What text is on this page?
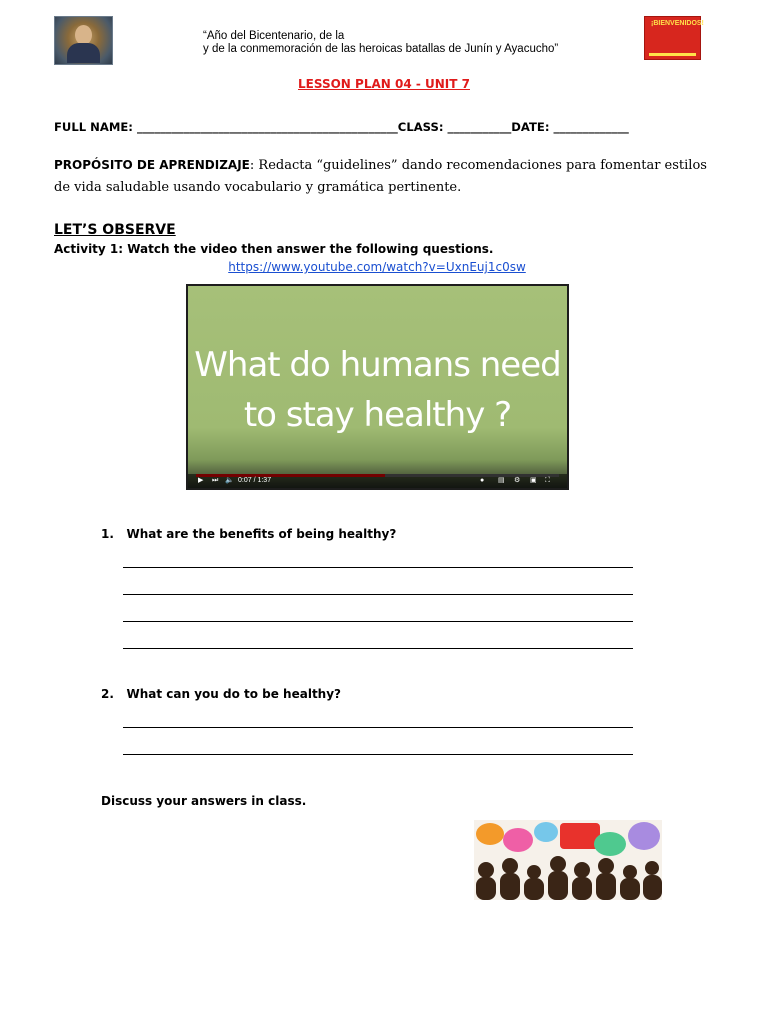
“Año del Bicentenario, de la
y de la conmemoración de las heroicas batallas de Junín y Ayacucho”
¡BIENVENIDOS!
LESSON PLAN 04 - UNIT 7
FULL NAME: _____________________________________________CLASS: ___________DATE: _____________
PROPÓSITO DE APRENDIZAJE: Redacta “guidelines” dando recomendaciones para fomentar estilos de vida saludable usando vocabulario y gramática pertinente.
LET’S OBSERVE
Activity 1: Watch the video then answer the following questions.
https://www.youtube.com/watch?v=UxnEuj1c0sw
What do humans need
to stay healthy ?
▶ ⏭ 🔈 0:07 / 1:37	● ▤ ⚙ ▣ ⛶
1. What are the benefits of being healthy?
2. What can you do to be healthy?
Discuss your answers in class.
